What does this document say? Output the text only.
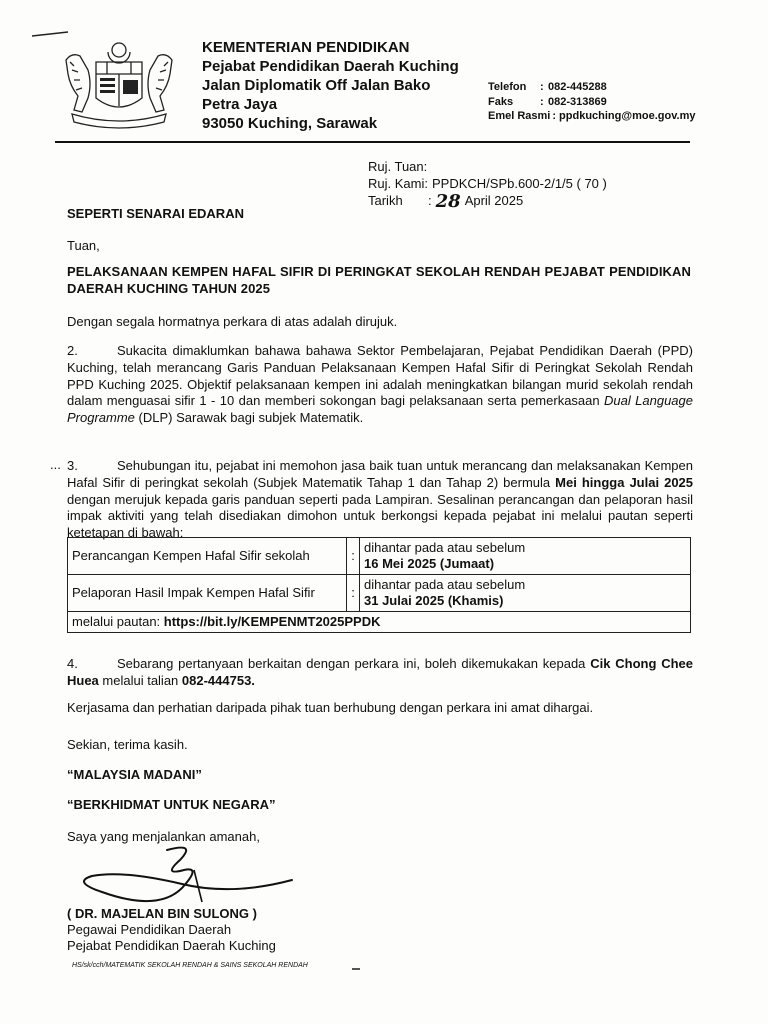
KEMENTERIAN PENDIDIKAN
Pejabat Pendidikan Daerah Kuching
Jalan Diplomatik Off Jalan Bako
Petra Jaya
93050 Kuching, Sarawak
Telefon	: 082-445288
Faks	: 082-313869
Emel Rasmi : ppdkuching@moe.gov.my
Ruj. Tuan :
Ruj. Kami : PPDKCH/SPb.600-2/1/5 ( 70 )
Tarikh	: 28 April 2025
SEPERTI SENARAI EDARAN
Tuan,
PELAKSANAAN KEMPEN HAFAL SIFIR DI PERINGKAT SEKOLAH RENDAH PEJABAT PENDIDIKAN DAERAH KUCHING TAHUN 2025
Dengan segala hormatnya perkara di atas adalah dirujuk.
2.	Sukacita dimaklumkan bahawa bahawa Sektor Pembelajaran, Pejabat Pendidikan Daerah (PPD) Kuching, telah merancang Garis Panduan Pelaksanaan Kempen Hafal Sifir di Peringkat Sekolah Rendah PPD Kuching 2025. Objektif pelaksanaan kempen ini adalah meningkatkan bilangan murid sekolah rendah dalam menguasai sifir 1 - 10 dan memberi sokongan bagi pelaksanaan serta pemerkasaan Dual Language Programme (DLP) Sarawak bagi subjek Matematik.
3.	Sehubungan itu, pejabat ini memohon jasa baik tuan untuk merancang dan melaksanakan Kempen Hafal Sifir di peringkat sekolah (Subjek Matematik Tahap 1 dan Tahap 2) bermula Mei hingga Julai 2025 dengan merujuk kepada garis panduan seperti pada Lampiran. Sesalinan perancangan dan pelaporan hasil impak aktiviti yang telah disediakan dimohon untuk berkongsi kepada pejabat ini melalui pautan seperti ketetapan di bawah:
...
Perancangan Kempen Hafal Sifir sekolah	:	dihantar pada atau sebelum
16 Mei 2025 (Jumaat)

Pelaporan Hasil Impak Kempen Hafal Sifir	:	dihantar pada atau sebelum
31 Julai 2025 (Khamis)

melalui pautan: https://bit.ly/KEMPENMT2025PPDK		
4.	Sebarang pertanyaan berkaitan dengan perkara ini, boleh dikemukakan kepada Cik Chong Chee Huea melalui talian 082-444753.
Kerjasama dan perhatian daripada pihak tuan berhubung dengan perkara ini amat dihargai.
Sekian, terima kasih.
“MALAYSIA MADANI”
“BERKHIDMAT UNTUK NEGARA”
Saya yang menjalankan amanah,
( DR. MAJELAN BIN SULONG )
Pegawai Pendidikan Daerah
Pejabat Pendidikan Daerah Kuching
HS/sk/cch/MATEMATIK SEKOLAH RENDAH & SAINS SEKOLAH RENDAH
